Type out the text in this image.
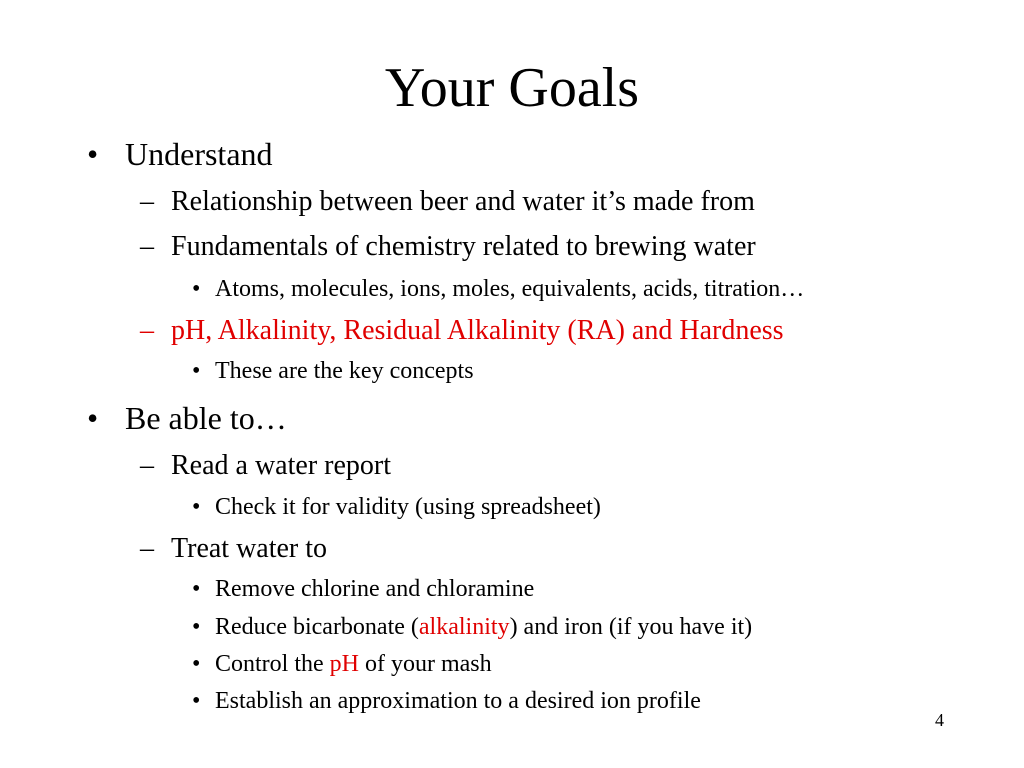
Your Goals
• Understand
– Relationship between beer and water it’s made from
– Fundamentals of chemistry related to brewing water
• Atoms, molecules, ions, moles, equivalents, acids, titration…
– pH, Alkalinity, Residual Alkalinity (RA) and Hardness
• These are the key concepts
• Be able to…
– Read a water report
• Check it for validity (using spreadsheet)
– Treat water to
• Remove chlorine and chloramine
• Reduce bicarbonate (alkalinity) and iron (if you have it)
• Control the pH of your mash
• Establish an approximation to a desired ion profile
4
